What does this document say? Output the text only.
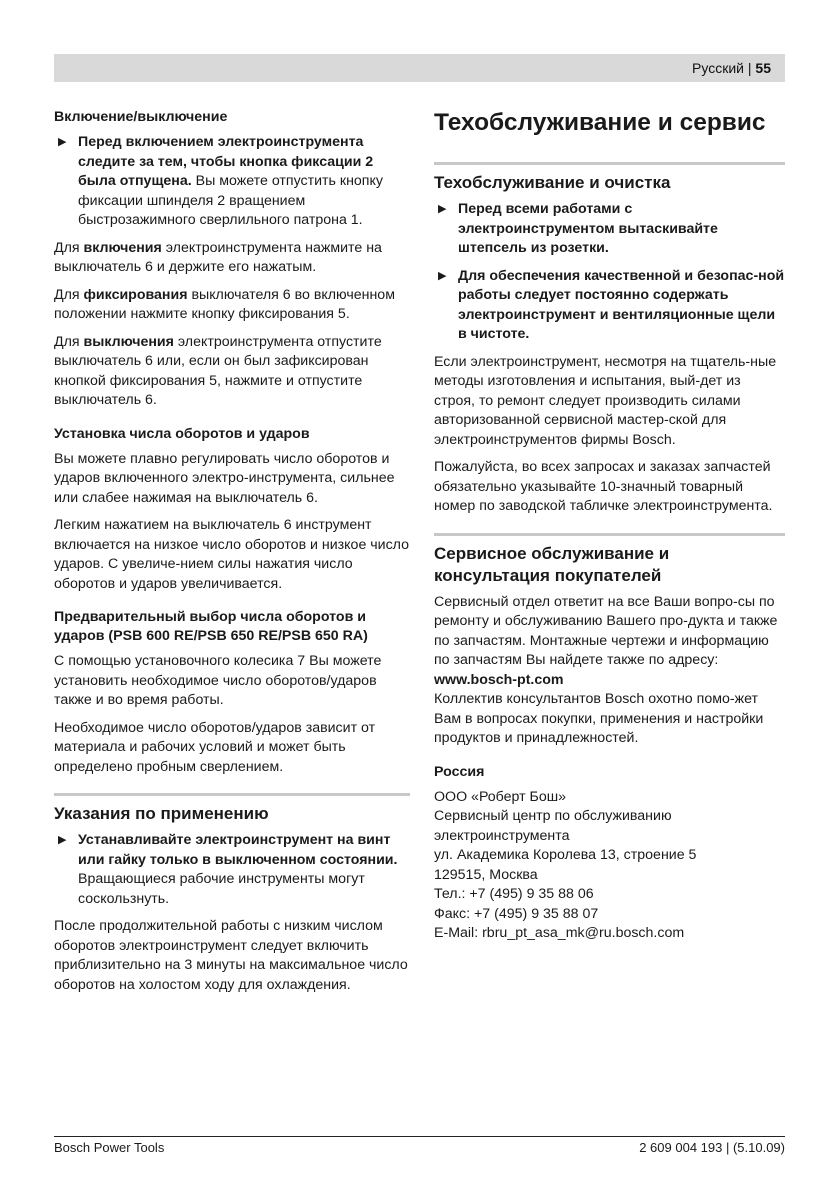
Русский | 55
Включение/выключение
▶ Перед включением электроинструмента следите за тем, чтобы кнопка фиксации 2 была отпущена. Вы можете отпустить кнопку фиксации шпинделя 2 вращением быстрозажимного сверлильного патрона 1.

Для включения электроинструмента нажмите на выключатель 6 и держите его нажатым.

Для фиксирования выключателя 6 во включенном положении нажмите кнопку фиксирования 5.

Для выключения электроинструмента отпустите выключатель 6 или, если он был зафиксирован кнопкой фиксирования 5, нажмите и отпустите выключатель 6.

Установка числа оборотов и ударов

Вы можете плавно регулировать число оборотов и ударов включенного электро-инструмента, сильнее или слабее нажимая на выключатель 6.

Легким нажатием на выключатель 6 инструмент включается на низкое число оборотов и низкое число ударов. С увеличе-нием силы нажатия число оборотов и ударов увеличивается.

Предварительный выбор числа оборотов и ударов (PSB 600 RE/PSB 650 RE/PSB 650 RA)

С помощью установочного колесика 7 Вы можете установить необходимое число оборотов/ударов также и во время работы.

Необходимое число оборотов/ударов зависит от материала и рабочих условий и может быть определено пробным сверлением.

Указания по применению
▶ Устанавливайте электроинструмент на винт или гайку только в выключенном состоянии. Вращающиеся рабочие инструменты могут соскользнуть.

После продолжительной работы с низким числом оборотов электроинструмент следует включить приблизительно на 3 минуты на максимальное число оборотов на холостом ходу для охлаждения.

Техобслуживание и сервис
Техобслуживание и очистка
▶ Перед всеми работами с электроинструментом вытаскивайте штепсель из розетки.
▶ Для обеспечения качественной и безопас-ной работы следует постоянно содержать электроинструмент и вентиляционные щели в чистоте.

Если электроинструмент, несмотря на тщатель-ные методы изготовления и испытания, вый-дет из строя, то ремонт следует производить силами авторизованной сервисной мастер-ской для электроинструментов фирмы Bosch.

Пожалуйста, во всех запросах и заказах запчастей обязательно указывайте 10-значный товарный номер по заводской табличке электроинструмента.

Сервисное обслуживание и консультация покупателей

Сервисный отдел ответит на все Ваши вопро-сы по ремонту и обслуживанию Вашего про-дукта и также по запчастям. Монтажные чертежи и информацию по запчастям Вы найдете также по адресу:

www.bosch-pt.com

Коллектив консультантов Bosch охотно помо-жет Вам в вопросах покупки, применения и настройки продуктов и принадлежностей.

Россия
ООО «Роберт Бош»
Сервисный центр по обслуживанию электроинструмента
ул. Академика Королева 13, строение 5
129515, Москва
Тел.: +7 (495) 9 35 88 06
Факс: +7 (495) 9 35 88 07
E-Mail: rbru_pt_asa_mk@ru.bosch.com
Bosch Power Tools	2 609 004 193 | (5.10.09)
